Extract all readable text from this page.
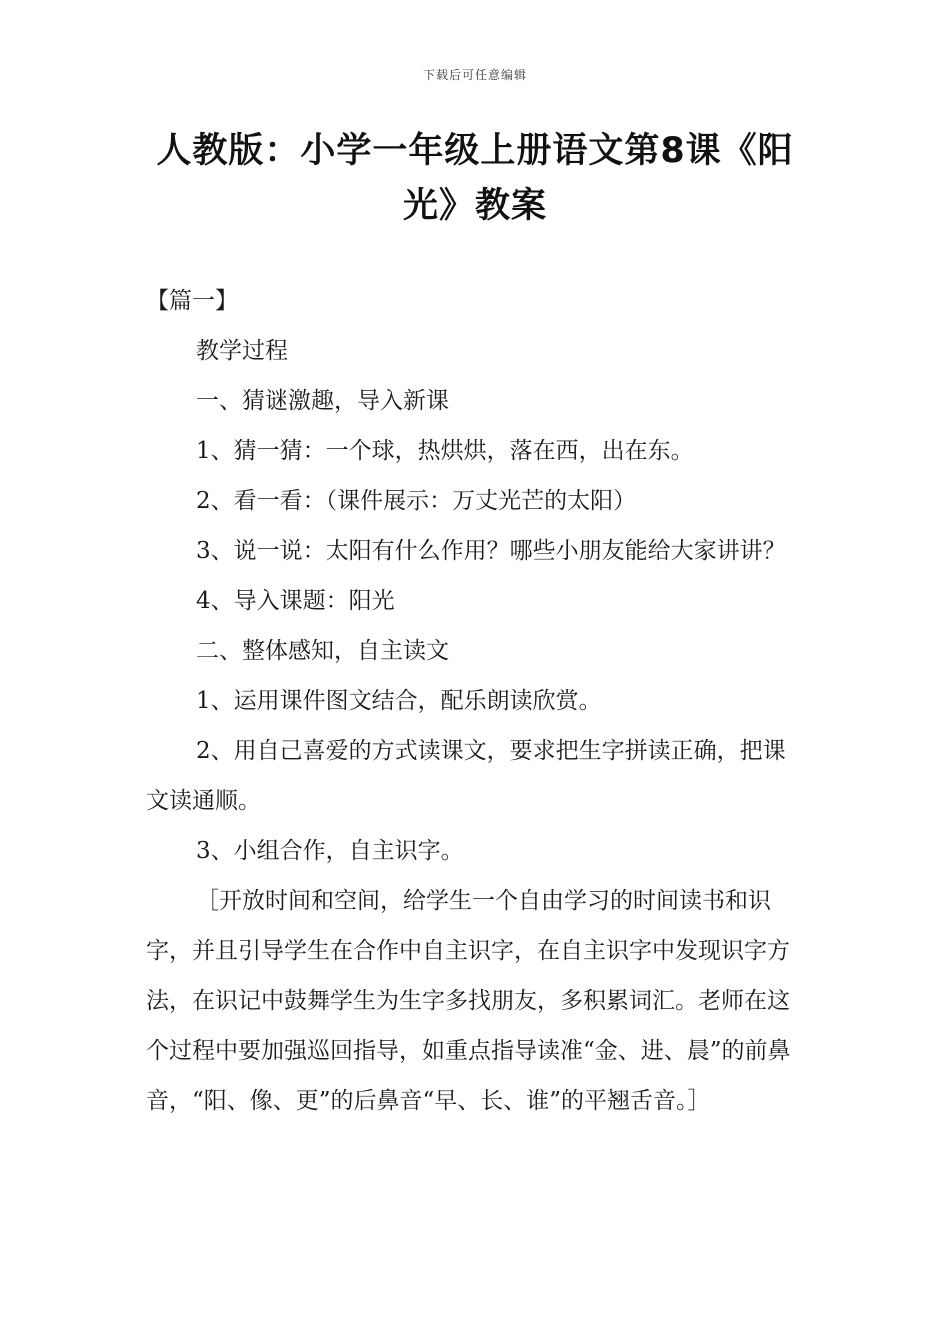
下载后可任意编辑
人教版：小学一年级上册语文第8课《阳光》教案

【篇一】

教学过程

一、猜谜激趣，导入新课

1、猜一猜：一个球，热烘烘，落在西，出在东。

2、看一看：（课件展示：万丈光芒的太阳）

3、说一说：太阳有什么作用？哪些小朋友能给大家讲讲？

4、导入课题：阳光

二、整体感知，自主读文

1、运用课件图文结合，配乐朗读欣赏。

2、用自己喜爱的方式读课文，要求把生字拼读正确，把课文读通顺。

3、小组合作，自主识字。

［开放时间和空间，给学生一个自由学习的时间读书和识字，并且引导学生在合作中自主识字，在自主识字中发现识字方法，在识记中鼓舞学生为生字多找朋友，多积累词汇。老师在这个过程中要加强巡回指导，如重点指导读准“金、进、晨”的前鼻音，“阳、像、更”的后鼻音“早、长、谁”的平翘舌音。］
